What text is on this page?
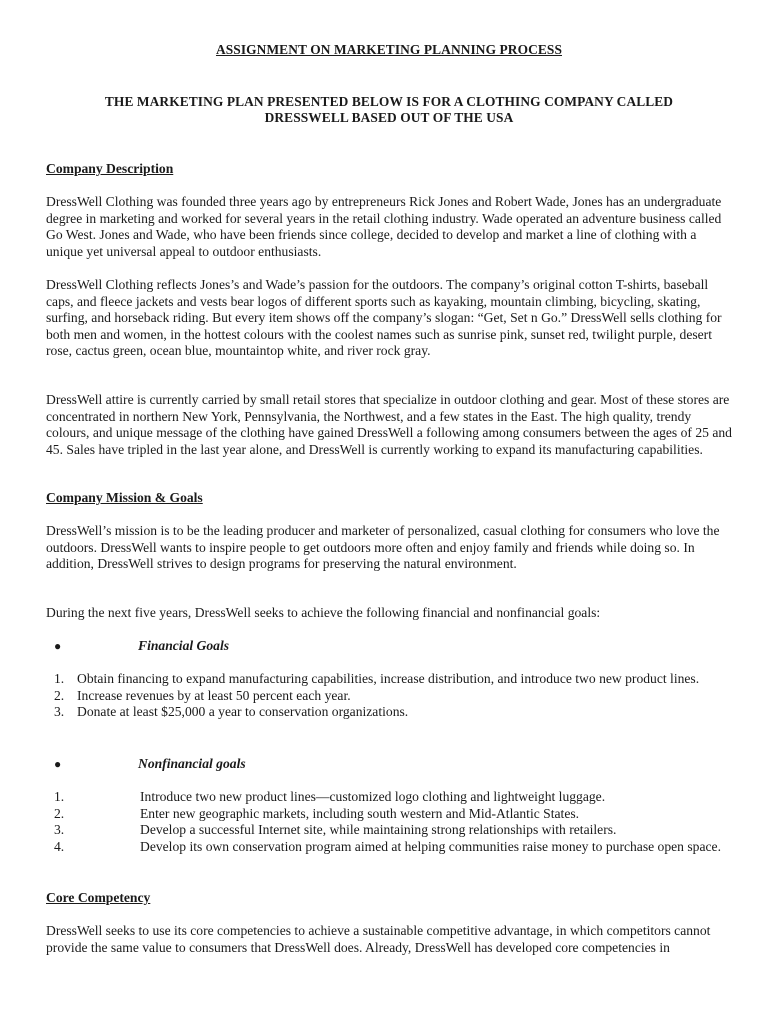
ASSIGNMENT ON MARKETING PLANNING PROCESS
THE MARKETING PLAN PRESENTED BELOW IS FOR A CLOTHING COMPANY CALLED
DRESSWELL BASED OUT OF THE USA
Company Description

DressWell Clothing was founded three years ago by entrepreneurs Rick Jones and Robert Wade, Jones has an undergraduate degree in marketing and worked for several years in the retail clothing industry. Wade operated an adventure business called Go West. Jones and Wade, who have been friends since college, decided to develop and market a line of clothing with a unique yet universal appeal to outdoor enthusiasts.

DressWell Clothing reflects Jones’s and Wade’s passion for the outdoors. The company’s original cotton T-shirts, baseball caps, and fleece jackets and vests bear logos of different sports such as kayaking, mountain climbing, bicycling, skating, surfing, and horseback riding. But every item shows off the company’s slogan: “Get, Set n Go.” DressWell sells clothing for both men and women, in the hottest colours with the coolest names such as sunrise pink, sunset red, twilight purple, desert rose, cactus green, ocean blue, mountaintop white, and river rock gray.

DressWell attire is currently carried by small retail stores that specialize in outdoor clothing and gear. Most of these stores are concentrated in northern New York, Pennsylvania, the Northwest, and a few states in the East. The high quality, trendy colours, and unique message of the clothing have gained DressWell a following among consumers between the ages of 25 and 45. Sales have tripled in the last year alone, and DressWell is currently working to expand its manufacturing capabilities.

Company Mission & Goals

DressWell’s mission is to be the leading producer and marketer of personalized, casual clothing for consumers who love the outdoors. DressWell wants to inspire people to get outdoors more often and enjoy family and friends while doing so. In addition, DressWell strives to design programs for preserving the natural environment.

During the next five years, DressWell seeks to achieve the following financial and nonfinancial goals:

●	Financial Goals
1. Obtain financing to expand manufacturing capabilities, increase distribution, and introduce two new product lines.
2. Increase revenues by at least 50 percent each year.
3. Donate at least $25,000 a year to conservation organizations.
●	Nonfinancial goals
1.	Introduce two new product lines—customized logo clothing and lightweight luggage.
2.	Enter new geographic markets, including south western and Mid-Atlantic States.
3.	Develop a successful Internet site, while maintaining strong relationships with retailers.
4.	Develop its own conservation program aimed at helping communities raise money to purchase open space.
Core Competency

DressWell seeks to use its core competencies to achieve a sustainable competitive advantage, in which competitors cannot provide the same value to consumers that DressWell does. Already, DressWell has developed core competencies in
